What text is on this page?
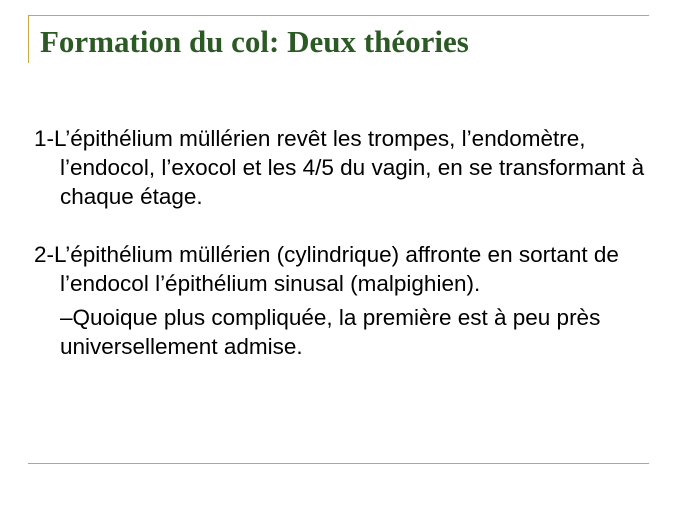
Formation du col: Deux théories

1-L’épithélium müllérien revêt les trompes, l’endomètre, l’endocol, l’exocol et les 4/5 du vagin, en se transformant à chaque étage.

2-L’épithélium müllérien (cylindrique) affronte en sortant de l’endocol l’épithélium sinusal (malpighien).

–Quoique plus compliquée, la première est à peu près universellement admise.
